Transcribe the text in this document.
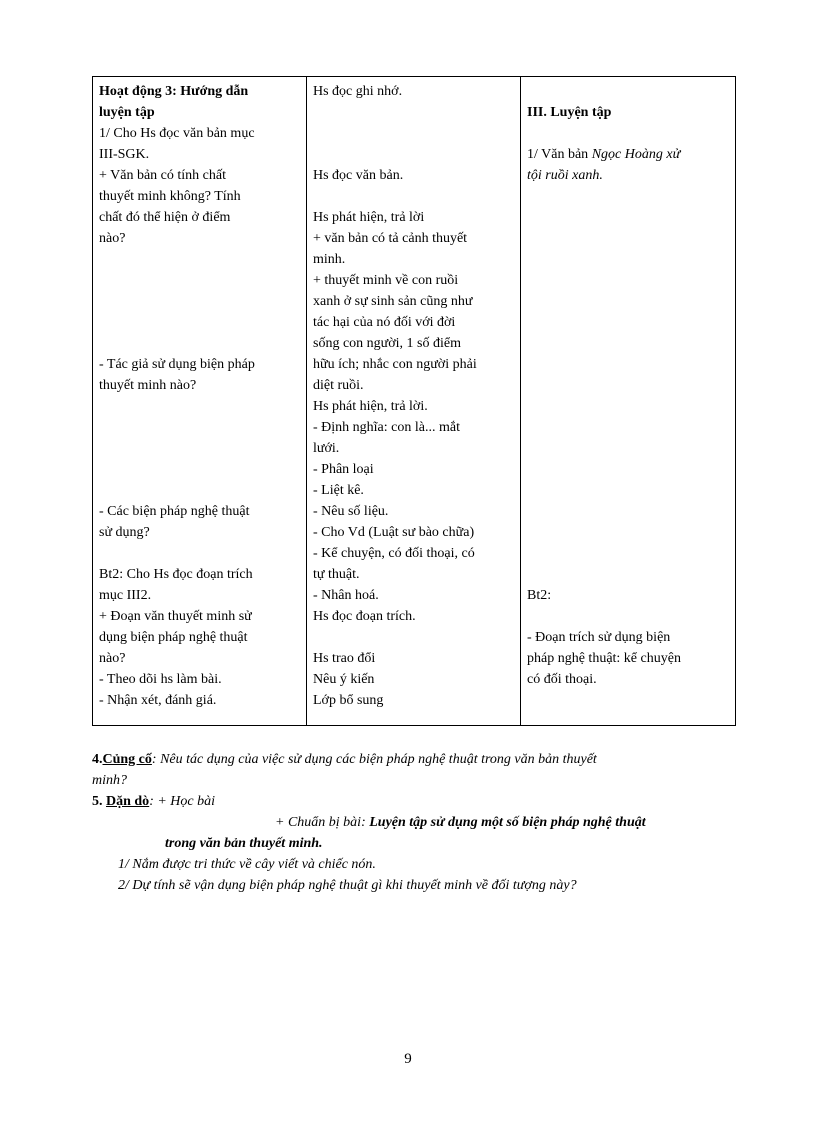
Hoạt động 3: Hướng dẫn
luyện tập
1/ Cho Hs đọc văn bản mục
III-SGK.
+ Văn bản có tính chất
thuyết minh không? Tính
chất đó thể hiện ở điểm
nào?
- Tác giả sử dụng biện pháp
thuyết minh nào?
- Các biện pháp nghệ thuật
sử dụng?
Bt2: Cho Hs đọc đoạn trích
mục III2.
+ Đoạn văn thuyết minh sử
dụng biện pháp nghệ thuật
nào?
- Theo dõi hs làm bài.
- Nhận xét, đánh giá.
Hs đọc ghi nhớ.
Hs đọc văn bản.
Hs phát hiện, trả lời
+ văn bản có tả cảnh thuyết
minh.
+ thuyết minh về con ruồi
xanh ở sự sinh sản cũng như
tác hại của nó đối với đời
sống con người, 1 số điểm
hữu ích; nhắc con người phải
diệt ruồi.
Hs phát hiện, trả lời.
- Định nghĩa: con là... mắt
lưới.
- Phân loại
- Liệt kê.
- Nêu số liệu.
- Cho Vd (Luật sư bào chữa)
- Kể chuyện, có đối thoại, có
tự thuật.
- Nhân hoá.
Hs đọc đoạn trích.
Hs trao đổi
Nêu ý kiến
Lớp bổ sung
III. Luyện tập
1/ Văn bản Ngọc Hoàng xử
tội ruồi xanh.
Bt2:
- Đoạn trích sử dụng biện
pháp nghệ thuật: kể chuyện
có đối thoại.
4.Củng cố: Nêu tác dụng của việc sử dụng các biện pháp nghệ thuật trong văn bản thuyết
minh?
5. Dặn dò: + Học bài
+ Chuẩn bị bài: Luyện tập sử dụng một số biện pháp nghệ thuật
trong văn bản thuyết minh.
1/ Nắm được tri thức về cây viết và chiếc nón.
2/ Dự tính sẽ vận dụng biện pháp nghệ thuật gì khi thuyết minh về đối tượng này?
9
